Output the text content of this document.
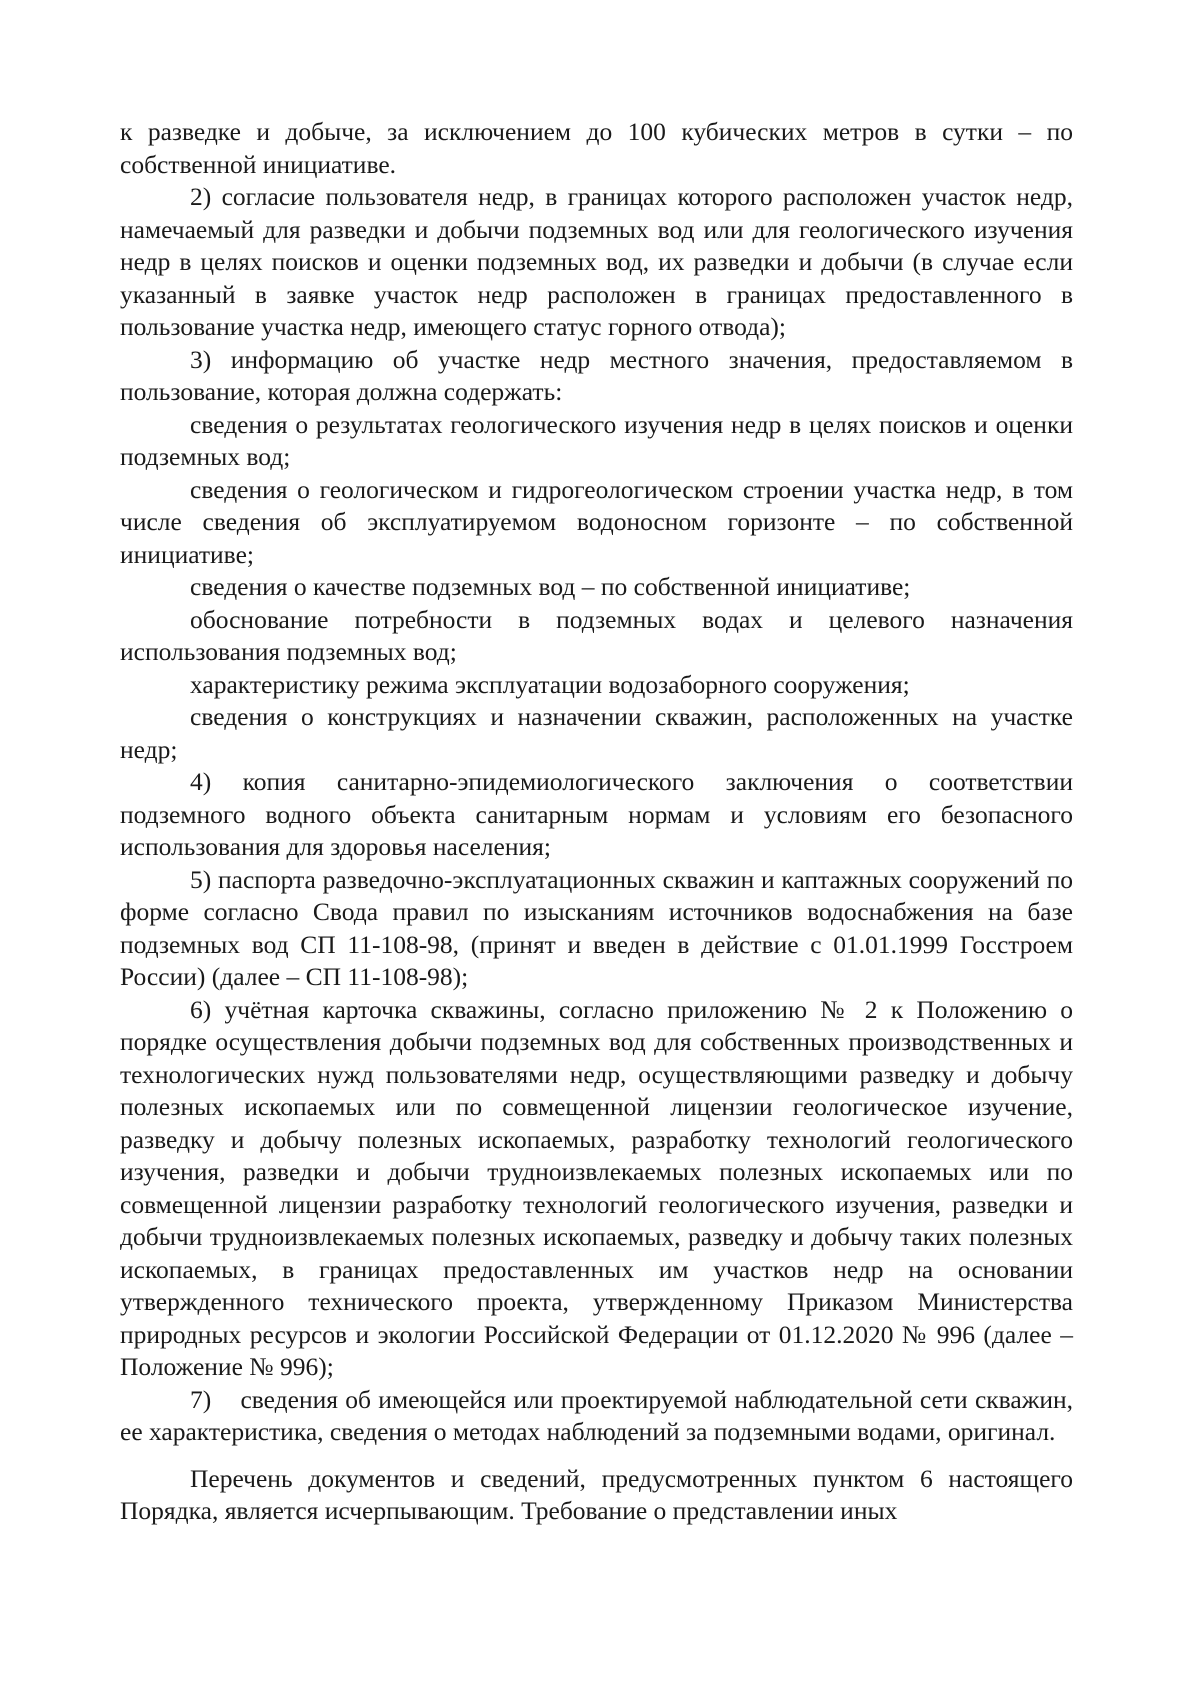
к разведке и добыче, за исключением до 100 кубических метров в сутки – по собственной инициативе.

2) согласие пользователя недр, в границах которого расположен участок недр, намечаемый для разведки и добычи подземных вод или для геологического изучения недр в целях поисков и оценки подземных вод, их разведки и добычи (в случае если указанный в заявке участок недр расположен в границах предоставленного в пользование участка недр, имеющего статус горного отвода);

3) информацию об участке недр местного значения, предоставляемом в пользование, которая должна содержать:

сведения о результатах геологического изучения недр в целях поисков и оценки подземных вод;

сведения о геологическом и гидрогеологическом строении участка недр, в том числе сведения об эксплуатируемом водоносном горизонте – по собственной инициативе;

сведения о качестве подземных вод – по собственной инициативе;

обоснование потребности в подземных водах и целевого назначения использования подземных вод;

характеристику режима эксплуатации водозаборного сооружения;

сведения о конструкциях и назначении скважин, расположенных на участке недр;

4) копия санитарно-эпидемиологического заключения о соответствии подземного водного объекта санитарным нормам и условиям его безопасного использования для здоровья населения;

5) паспорта разведочно-эксплуатационных скважин и каптажных сооружений по форме согласно Свода правил по изысканиям источников водоснабжения на базе подземных вод СП 11-108-98, (принят и введен в действие с 01.01.1999 Госстроем России) (далее – СП 11-108-98);

6) учётная карточка скважины, согласно приложению № 2 к Положению о порядке осуществления добычи подземных вод для собственных производственных и технологических нужд пользователями недр, осуществляющими разведку и добычу полезных ископаемых или по совмещенной лицензии геологическое изучение, разведку и добычу полезных ископаемых, разработку технологий геологического изучения, разведки и добычи трудноизвлекаемых полезных ископаемых или по совмещенной лицензии разработку технологий геологического изучения, разведки и добычи трудноизвлекаемых полезных ископаемых, разведку и добычу таких полезных ископаемых, в границах предоставленных им участков недр на основании утвержденного технического проекта, утвержденному Приказом Министерства природных ресурсов и экологии Российской Федерации от 01.12.2020 № 996 (далее – Положение № 996);

7)    сведения об имеющейся или проектируемой наблюдательной сети скважин, ее характеристика, сведения о методах наблюдений за подземными водами, оригинал.

Перечень документов и сведений, предусмотренных пунктом 6 настоящего Порядка, является исчерпывающим. Требование о представлении иных
